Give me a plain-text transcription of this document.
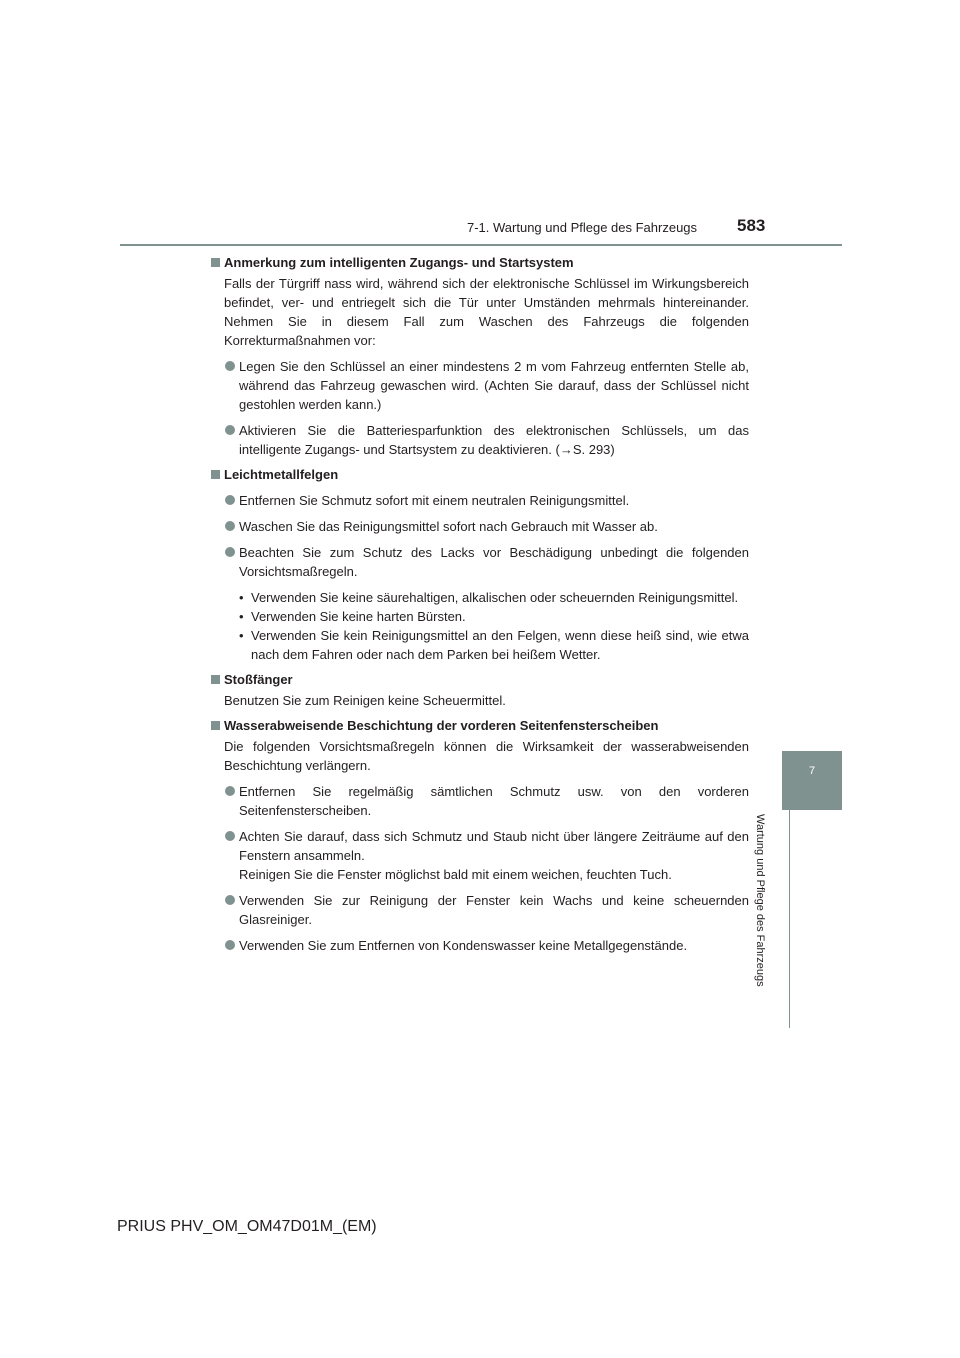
7-1. Wartung und Pflege des Fahrzeugs 583
7
Wartung und Pflege des Fahrzeugs
Anmerkung zum intelligenten Zugangs- und Startsystem
Falls der Türgriff nass wird, während sich der elektronische Schlüssel im Wirkungsbereich befindet, ver- und entriegelt sich die Tür unter Umständen mehrmals hintereinander. Nehmen Sie in diesem Fall zum Waschen des Fahrzeugs die folgenden Korrekturmaßnahmen vor:
Legen Sie den Schlüssel an einer mindestens 2 m vom Fahrzeug entfernten Stelle ab, während das Fahrzeug gewaschen wird. (Achten Sie darauf, dass der Schlüssel nicht gestohlen werden kann.)
Aktivieren Sie die Batteriesparfunktion des elektronischen Schlüssels, um das intelligente Zugangs- und Startsystem zu deaktivieren. (→S. 293)
Leichtmetallfelgen
Entfernen Sie Schmutz sofort mit einem neutralen Reinigungsmittel.
Waschen Sie das Reinigungsmittel sofort nach Gebrauch mit Wasser ab.
Beachten Sie zum Schutz des Lacks vor Beschädigung unbedingt die folgenden Vorsichtsmaßregeln.
• Verwenden Sie keine säurehaltigen, alkalischen oder scheuernden Reinigungsmittel.
• Verwenden Sie keine harten Bürsten.
• Verwenden Sie kein Reinigungsmittel an den Felgen, wenn diese heiß sind, wie etwa nach dem Fahren oder nach dem Parken bei heißem Wetter.
Stoßfänger
Benutzen Sie zum Reinigen keine Scheuermittel.
Wasserabweisende Beschichtung der vorderen Seitenfensterscheiben
Die folgenden Vorsichtsmaßregeln können die Wirksamkeit der wasserabweisenden Beschichtung verlängern.
Entfernen Sie regelmäßig sämtlichen Schmutz usw. von den vorderen Seitenfensterscheiben.
Achten Sie darauf, dass sich Schmutz und Staub nicht über längere Zeiträume auf den Fenstern ansammeln.
Reinigen Sie die Fenster möglichst bald mit einem weichen, feuchten Tuch.
Verwenden Sie zur Reinigung der Fenster kein Wachs und keine scheuernden Glasreiniger.
Verwenden Sie zum Entfernen von Kondenswasser keine Metallgegenstände.
PRIUS PHV_OM_OM47D01M_(EM)
